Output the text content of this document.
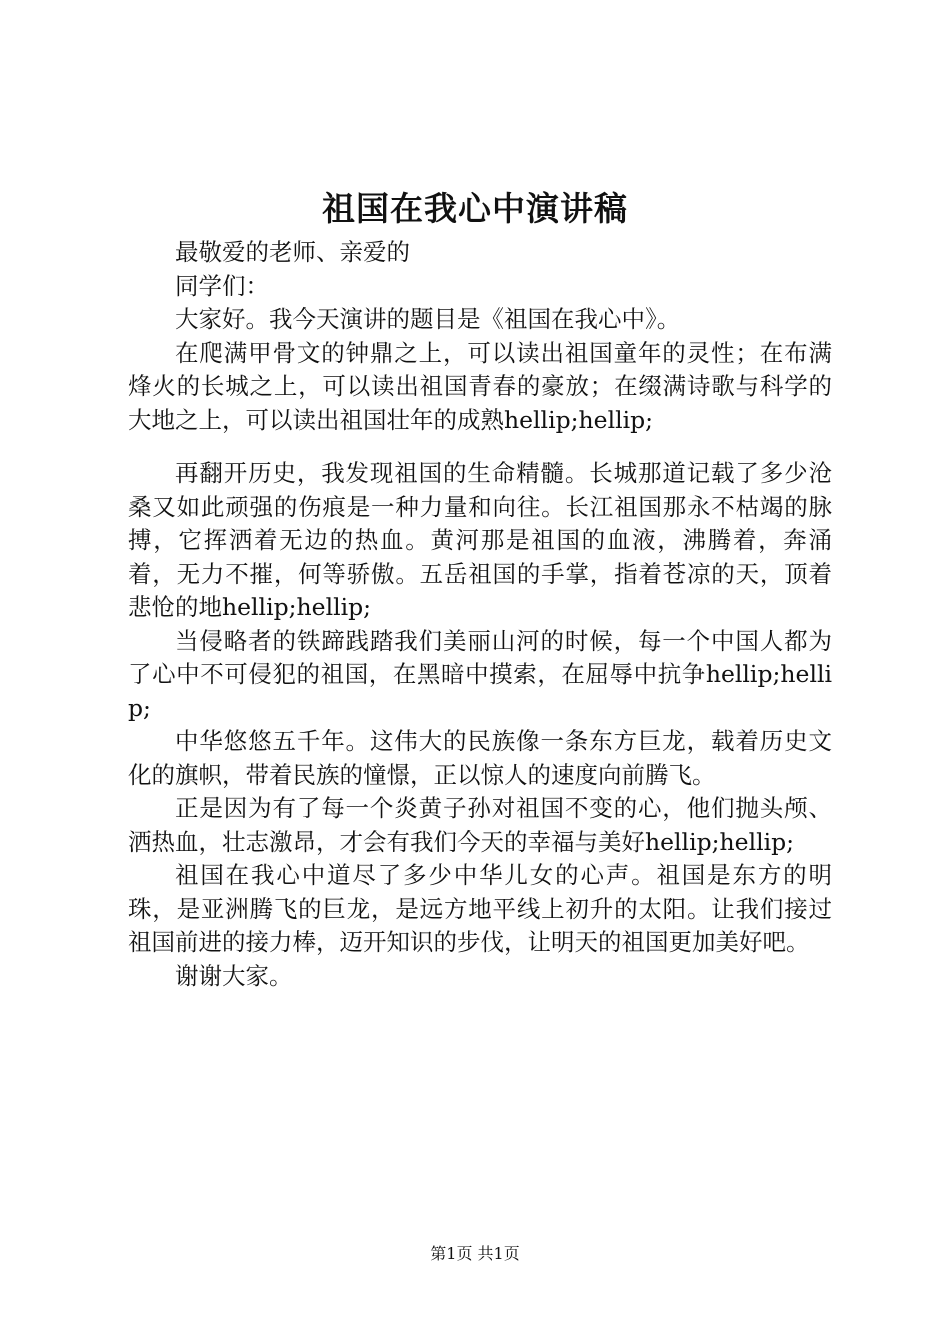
祖国在我心中演讲稿

最敬爱的老师、亲爱的

同学们：

大家好。我今天演讲的题目是《祖国在我心中》。

在爬满甲骨文的钟鼎之上，可以读出祖国童年的灵性；在布满烽火的长城之上，可以读出祖国青春的豪放；在缀满诗歌与科学的大地之上，可以读出祖国壮年的成熟hellip;hellip;

再翻开历史，我发现祖国的生命精髓。长城那道记载了多少沧桑又如此顽强的伤痕是一种力量和向往。长江祖国那永不枯竭的脉搏，它挥洒着无边的热血。黄河那是祖国的血液，沸腾着，奔涌着，无力不摧，何等骄傲。五岳祖国的手掌，指着苍凉的天，顶着悲怆的地hellip;hellip;

当侵略者的铁蹄践踏我们美丽山河的时候，每一个中国人都为了心中不可侵犯的祖国，在黑暗中摸索，在屈辱中抗争hellip;hellip;

中华悠悠五千年。这伟大的民族像一条东方巨龙，载着历史文化的旗帜，带着民族的憧憬，正以惊人的速度向前腾飞。

正是因为有了每一个炎黄子孙对祖国不变的心，他们抛头颅、洒热血，壮志激昂，才会有我们今天的幸福与美好hellip;hellip;

祖国在我心中道尽了多少中华儿女的心声。祖国是东方的明珠，是亚洲腾飞的巨龙，是远方地平线上初升的太阳。让我们接过祖国前进的接力棒，迈开知识的步伐，让明天的祖国更加美好吧。

谢谢大家。

第1页 共1页
